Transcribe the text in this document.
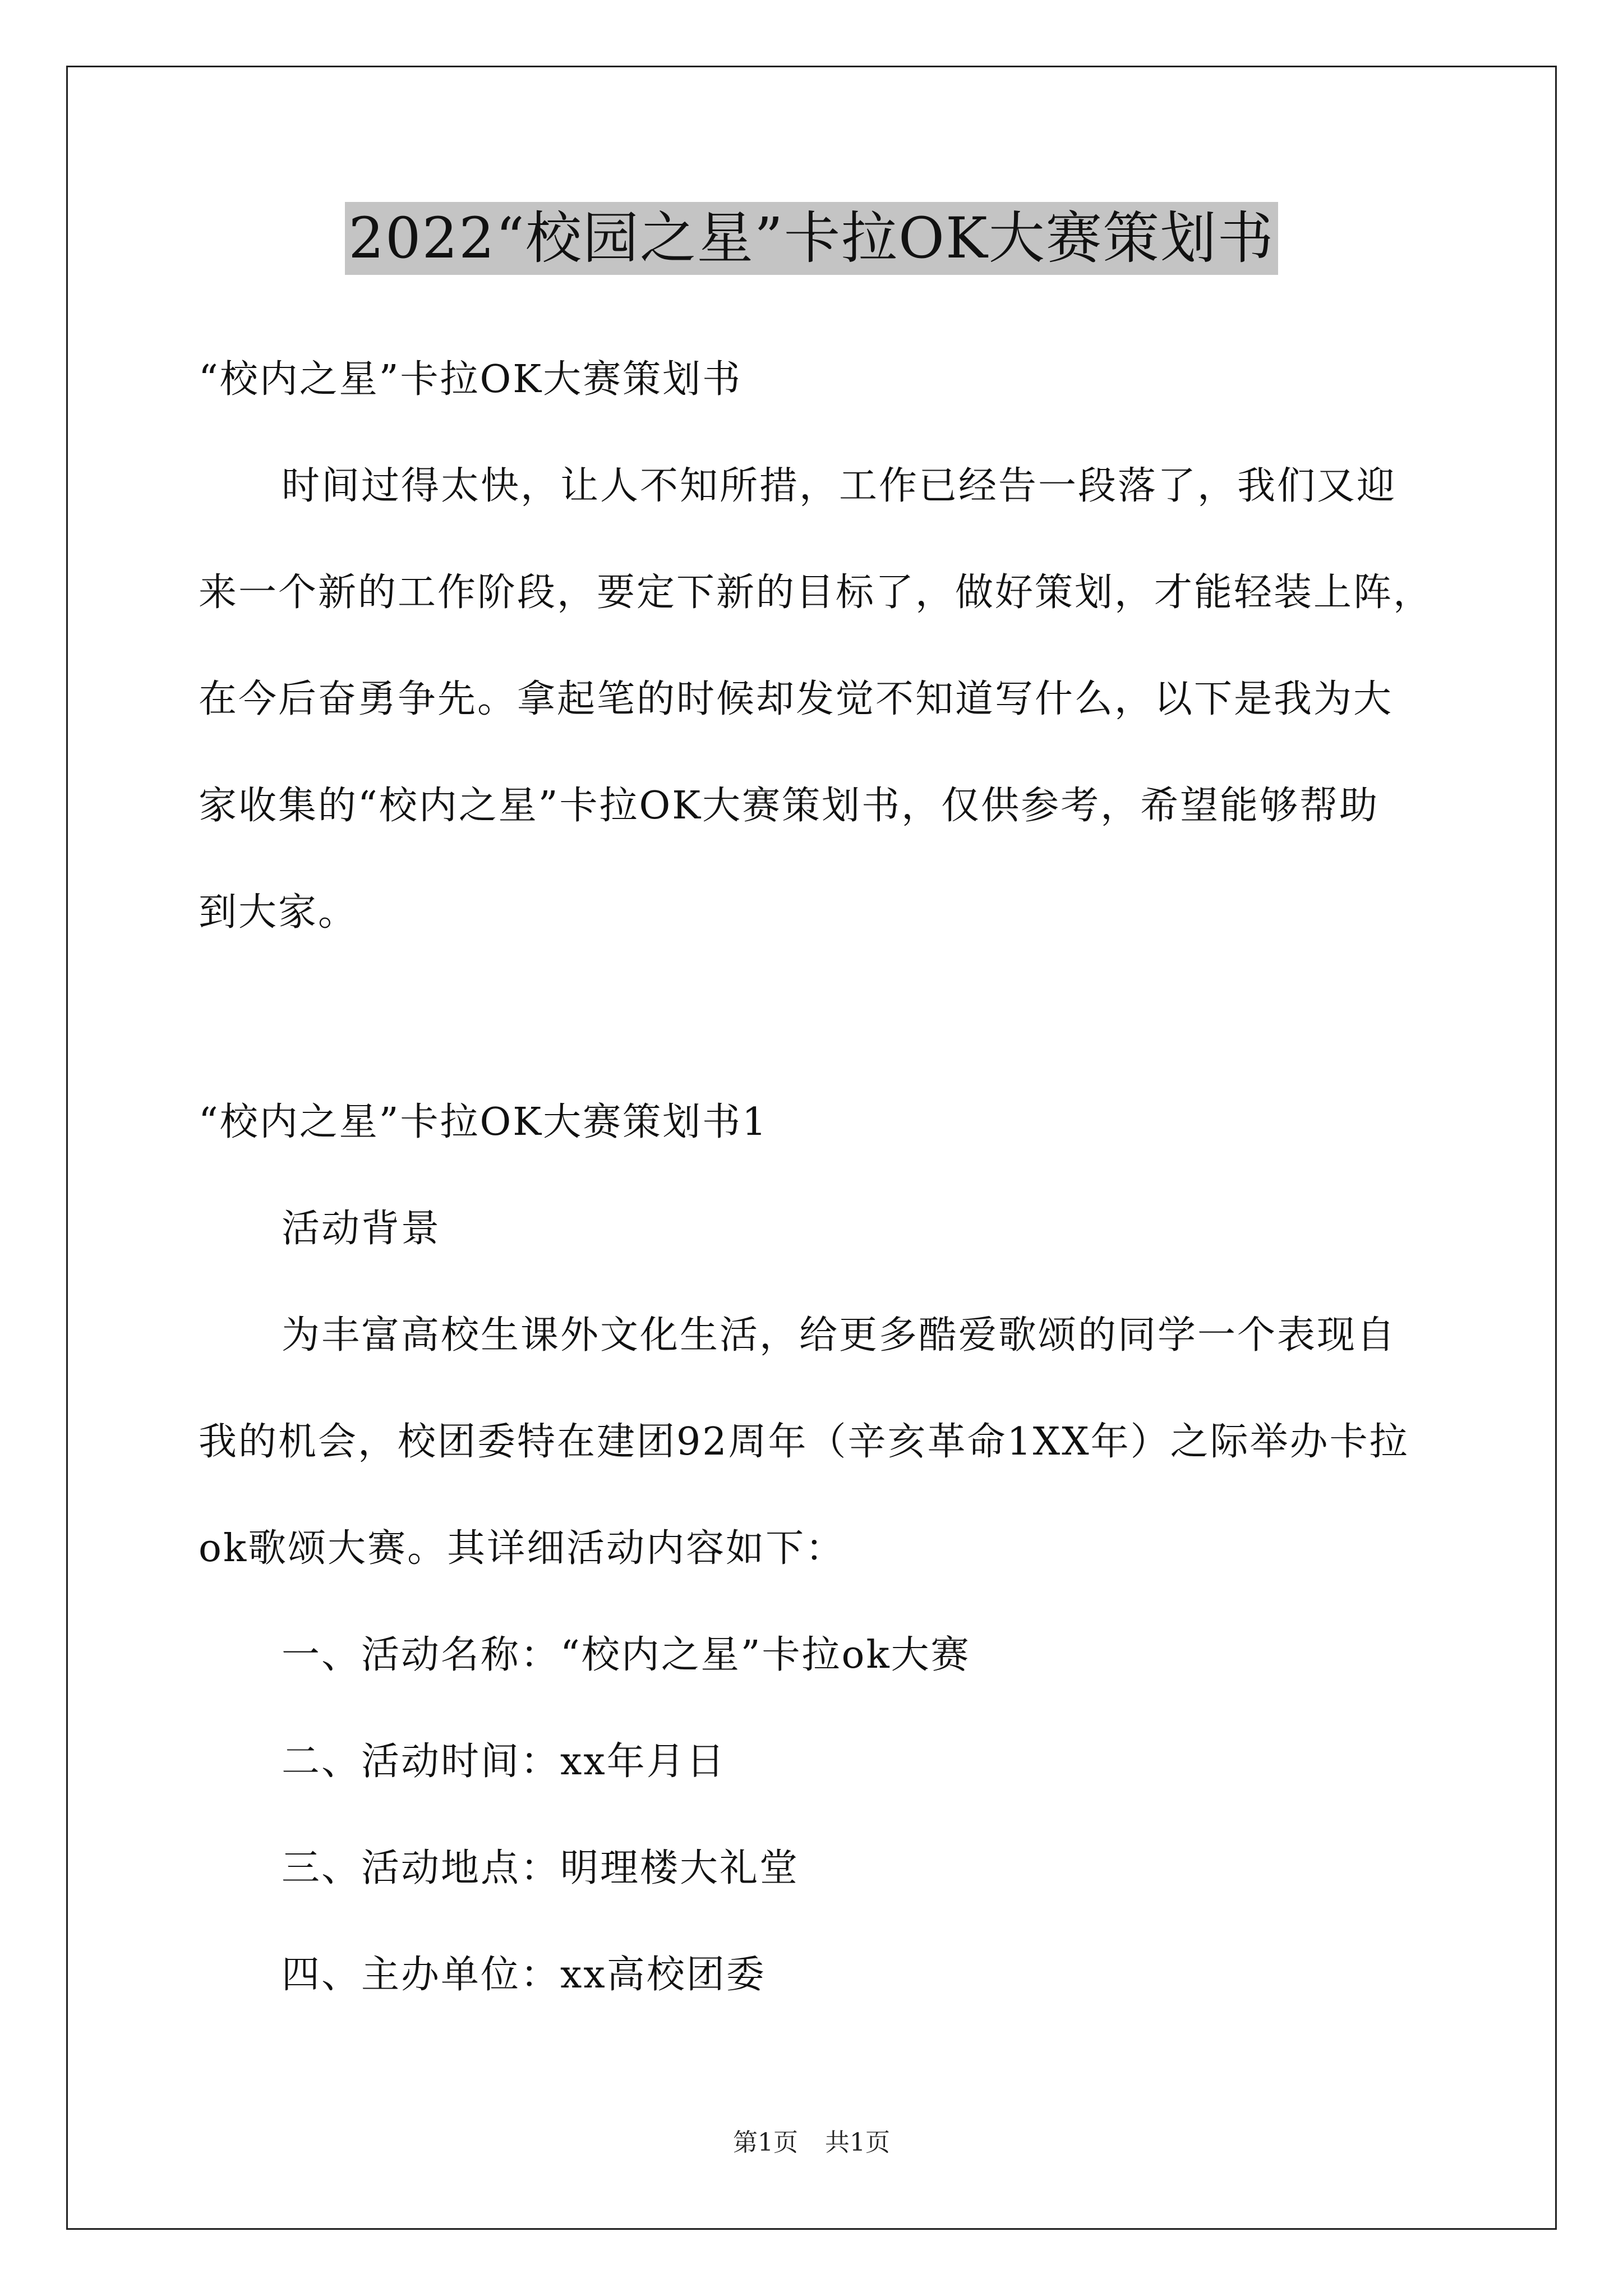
2022“校园之星”卡拉OK大赛策划书
“校内之星”卡拉OK大赛策划书
时间过得太快，让人不知所措，工作已经告一段落了，我们又迎
来一个新的工作阶段，要定下新的目标了，做好策划，才能轻装上阵，
在今后奋勇争先。拿起笔的时候却发觉不知道写什么，以下是我为大
家收集的“校内之星”卡拉OK大赛策划书，仅供参考，希望能够帮助
到大家。
“校内之星”卡拉OK大赛策划书1
活动背景
为丰富高校生课外文化生活，给更多酷爱歌颂的同学一个表现自
我的机会，校团委特在建团92周年（辛亥革命1XX年）之际举办卡拉
ok歌颂大赛。其详细活动内容如下：
一、活动名称：“校内之星”卡拉ok大赛
二、活动时间：xx年月日
三、活动地点：明理楼大礼堂
四、主办单位：xx高校团委
第1页 共1页
